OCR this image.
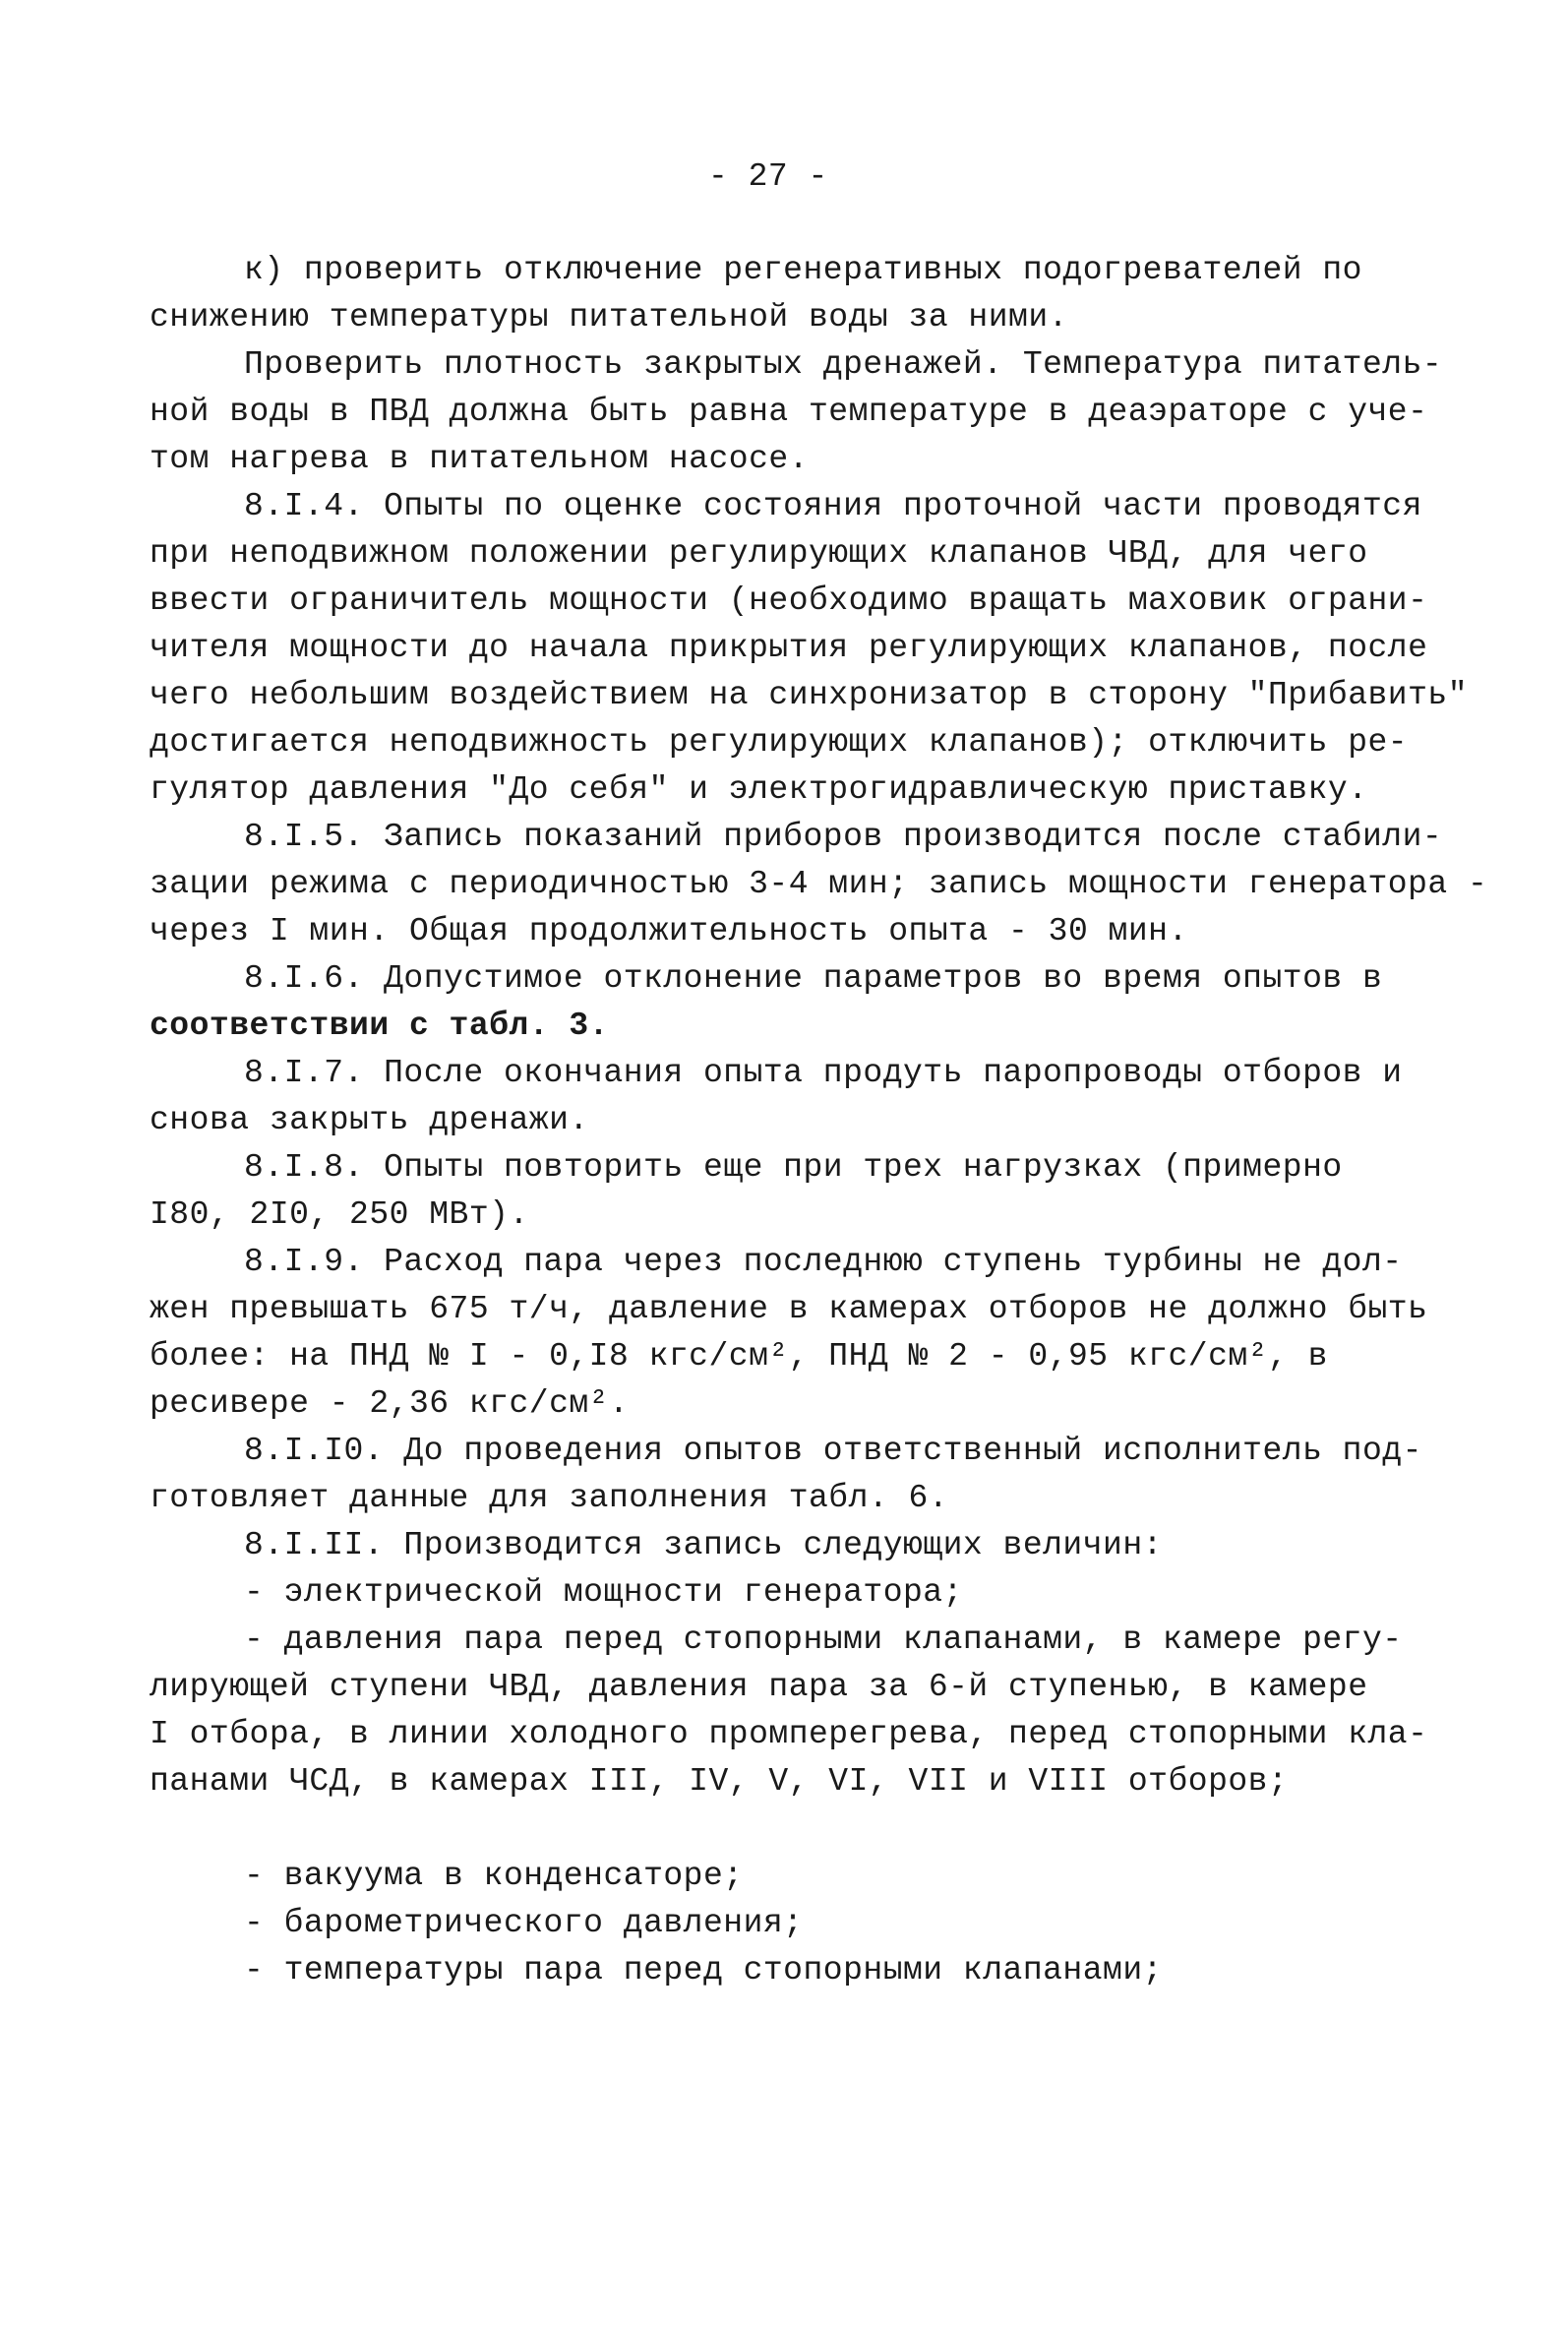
- 27 -
к) проверить отключение регенеративных подогревателей по
снижению температуры питательной воды за ними.
Проверить плотность закрытых дренажей. Температура питатель-
ной воды в ПВД должна быть равна температуре в деаэраторе с уче-
том нагрева в питательном насосе.
8.I.4. Опыты по оценке состояния проточной части проводятся
при неподвижном положении регулирующих клапанов ЧВД, для чего
ввести ограничитель мощности (необходимо вращать маховик ограни-
чителя мощности до начала прикрытия регулирующих клапанов, после
чего небольшим воздействием на синхронизатор в сторону "Прибавить"
достигается неподвижность регулирующих клапанов); отключить ре-
гулятор давления "До себя" и электрогидравлическую приставку.
8.I.5. Запись показаний приборов производится после стабили-
зации режима с периодичностью 3-4 мин; запись мощности генератора -
через I мин. Общая продолжительность опыта - 30 мин.
8.I.6. Допустимое отклонение параметров во время опытов в
соответствии с табл. 3.
8.I.7. После окончания опыта продуть паропроводы отборов и
снова закрыть дренажи.
8.I.8. Опыты повторить еще при трех нагрузках (примерно
I80, 2I0, 250 МВт).
8.I.9. Расход пара через последнюю ступень турбины не дол-
жен превышать 675 т/ч, давление в камерах отборов не должно быть
более: на ПНД № I - 0,I8 кгс/см², ПНД № 2 - 0,95 кгс/см², в
ресивере - 2,36 кгс/см².
8.I.I0. До проведения опытов ответственный исполнитель под-
готовляет данные для заполнения табл. 6.
8.I.II. Производится запись следующих величин:
- электрической мощности генератора;
- давления пара перед стопорными клапанами, в камере регу-
лирующей ступени ЧВД, давления пара за 6-й ступенью, в камере
I отбора, в линии холодного промперегрева, перед стопорными кла-
панами ЧСД, в камерах III, IV, V, VI, VII и VIII отборов;
- вакуума в конденсаторе;
- барометрического давления;
- температуры пара перед стопорными клапанами;
